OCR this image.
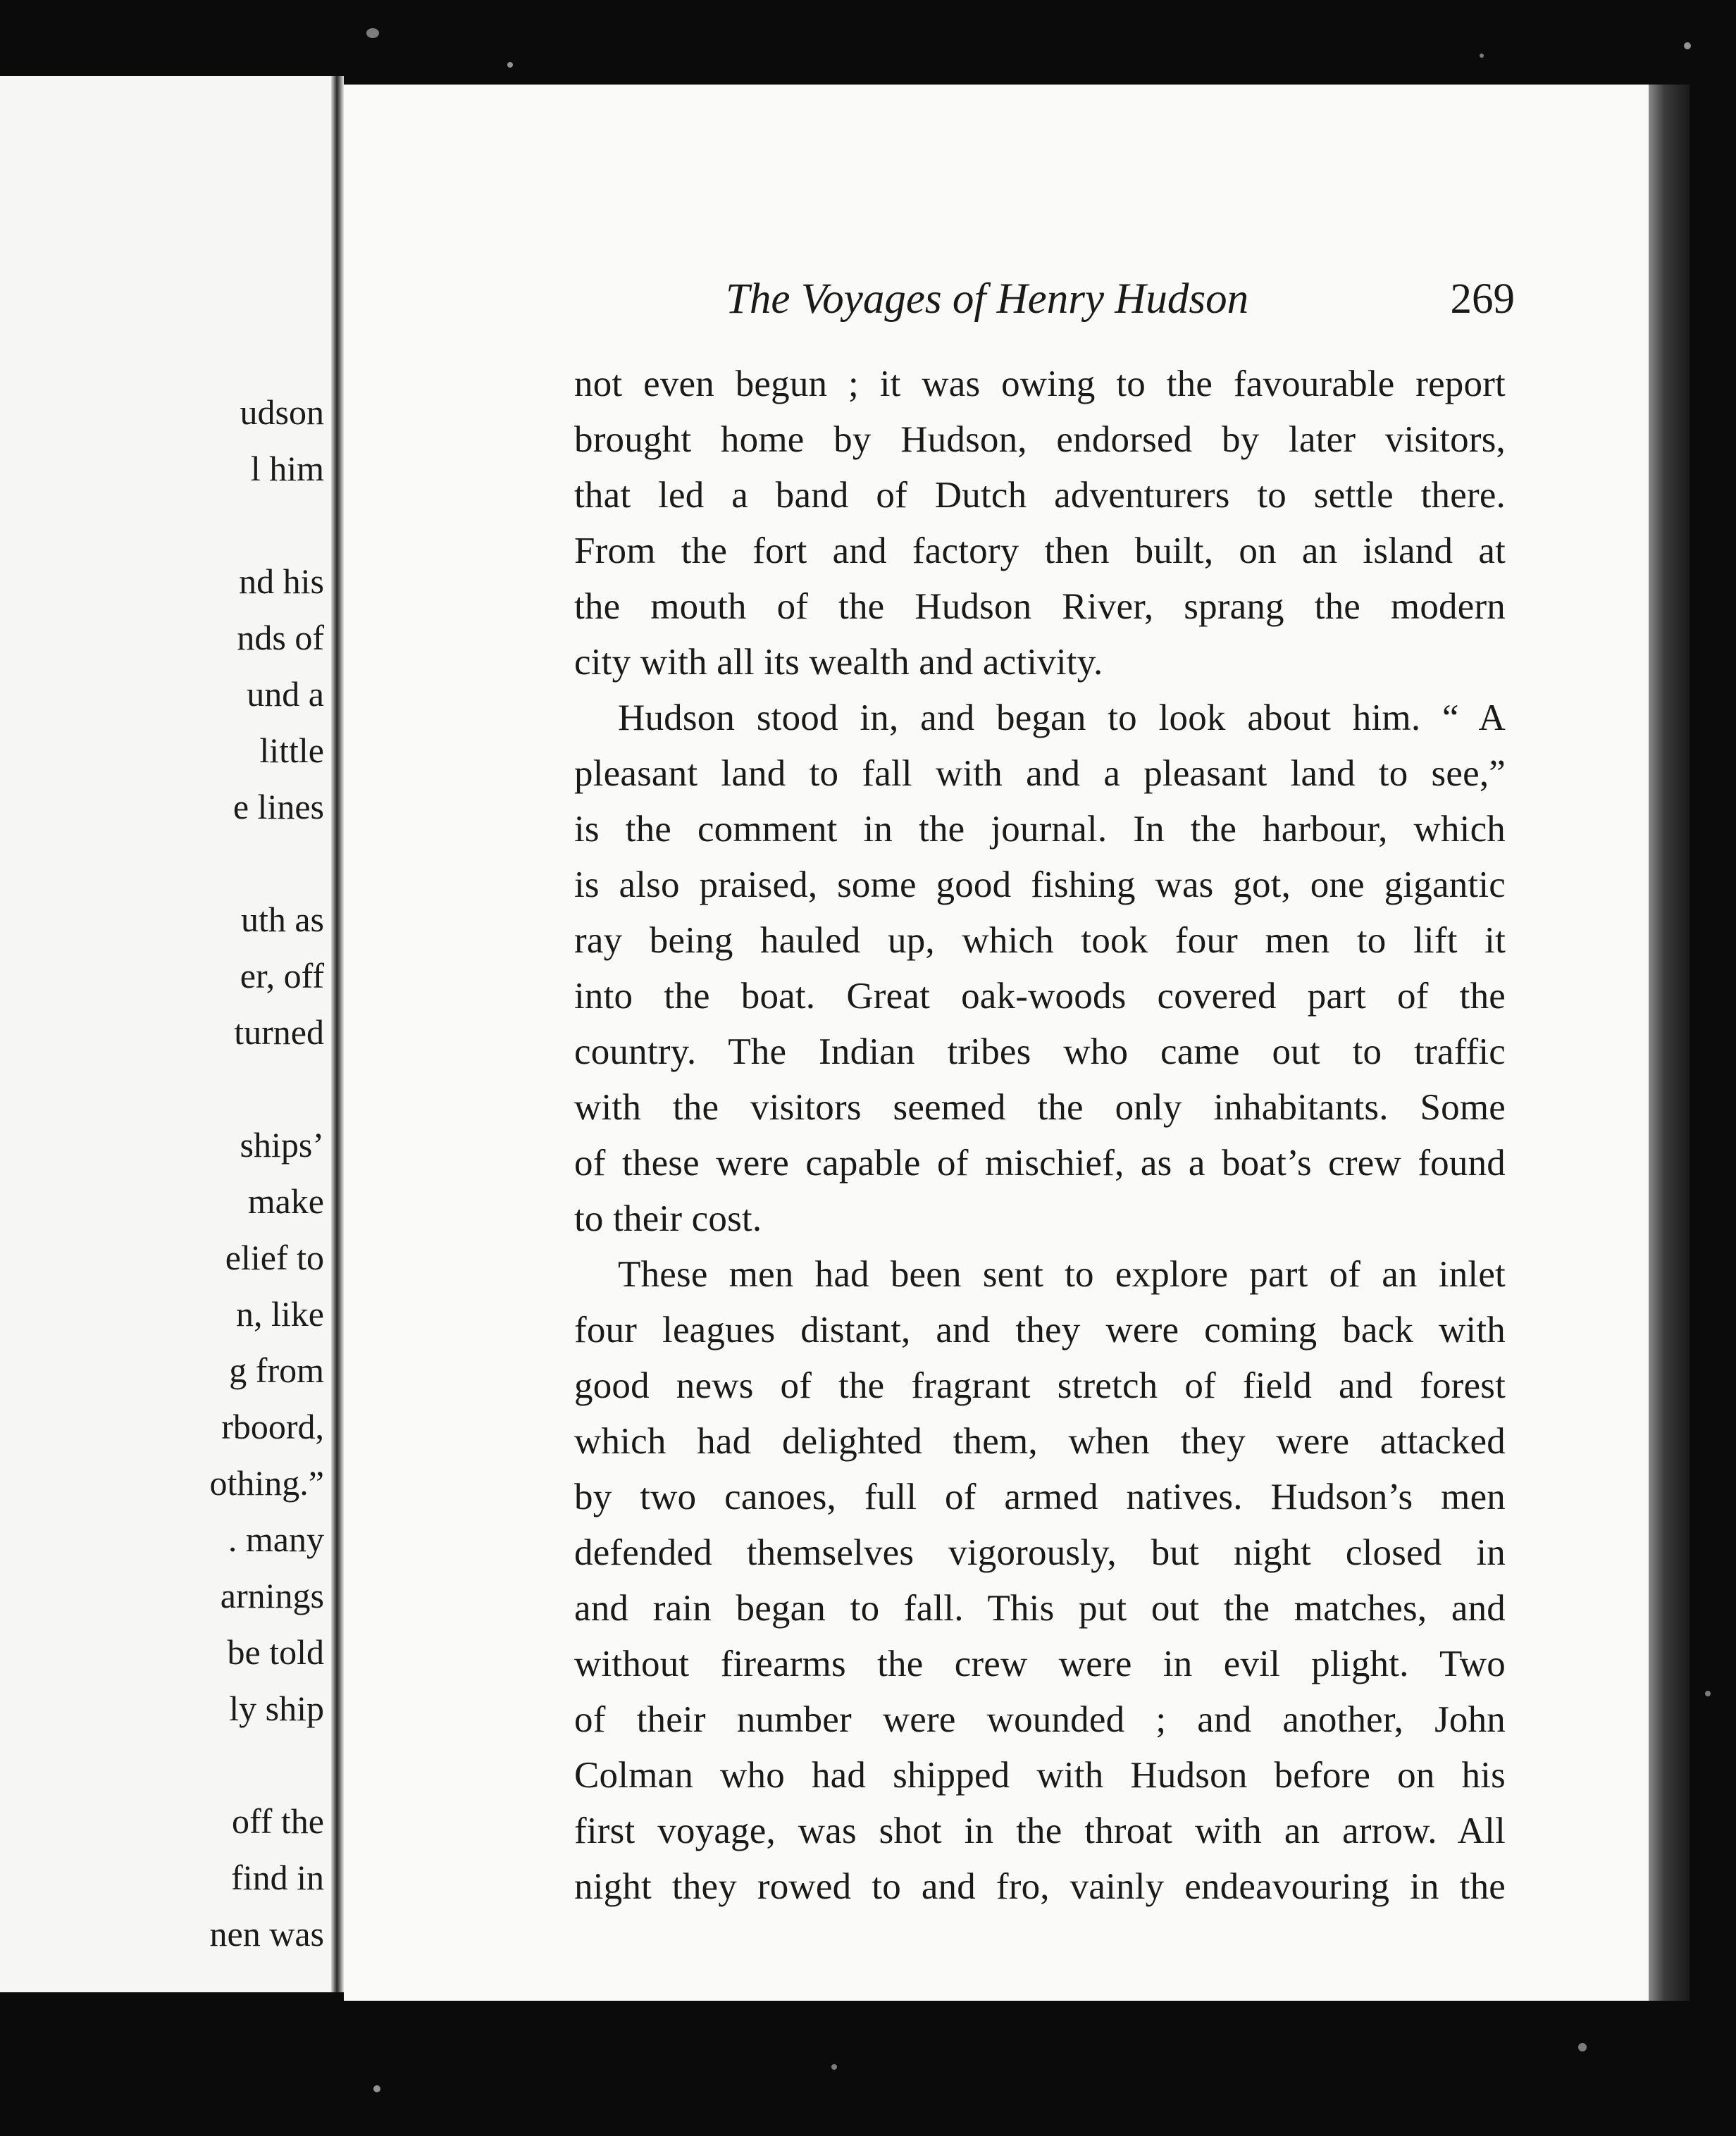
udson
l him
nd his
nds of
und a
little
e lines
uth as
er, off
turned
ships’
make
elief to
n, like
g from
rboord,
othing.”
. many
arnings
be told
ly ship
off the
find in
nen was
The Voyages of Henry Hudson	269
not even begun ; it was owing to the favourable report
brought home by Hudson, endorsed by later visitors,
that led a band of Dutch adventurers to settle there.
From the fort and factory then built, on an island at
the mouth of the Hudson River, sprang the modern
city with all its wealth and activity.
Hudson stood in, and began to look about him. “ A
pleasant land to fall with and a pleasant land to see,”
is the comment in the journal. In the harbour, which
is also praised, some good fishing was got, one gigantic
ray being hauled up, which took four men to lift it
into the boat. Great oak-woods covered part of the
country. The Indian tribes who came out to traffic
with the visitors seemed the only inhabitants. Some
of these were capable of mischief, as a boat’s crew found
to their cost.
These men had been sent to explore part of an inlet
four leagues distant, and they were coming back with
good news of the fragrant stretch of field and forest
which had delighted them, when they were attacked
by two canoes, full of armed natives. Hudson’s men
defended themselves vigorously, but night closed in
and rain began to fall. This put out the matches, and
without firearms the crew were in evil plight. Two
of their number were wounded ; and another, John
Colman who had shipped with Hudson before on his
first voyage, was shot in the throat with an arrow. All
night they rowed to and fro, vainly endeavouring in the
